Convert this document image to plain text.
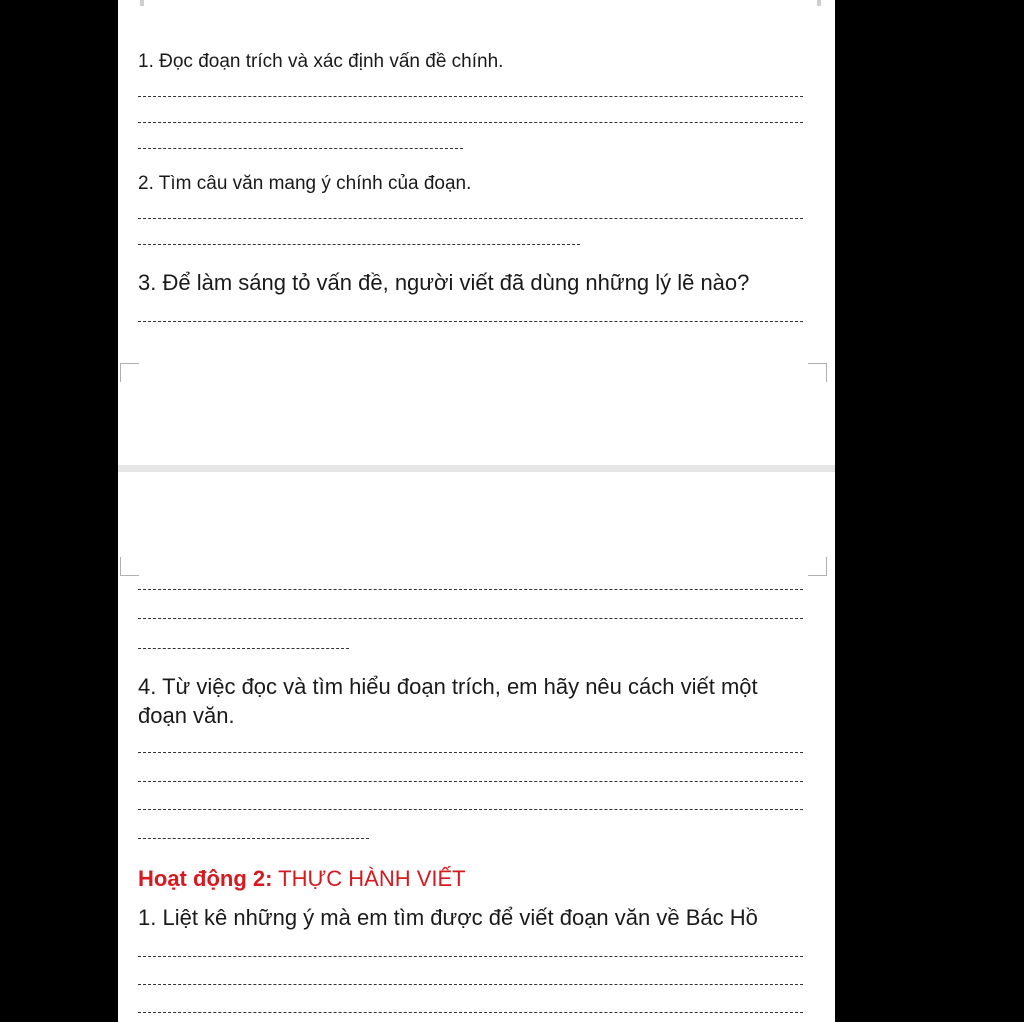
1. Đọc đoạn trích và xác định vấn đề chính.

2. Tìm câu văn mang ý chính của đoạn.

3. Để làm sáng tỏ vấn đề, người viết đã dùng những lý lẽ nào?

4. Từ việc đọc và tìm hiểu đoạn trích, em hãy nêu cách viết một

đoạn văn.

Hoạt động 2: THỰC HÀNH VIẾT

1. Liệt kê những ý mà em tìm được để viết đoạn văn về Bác Hồ
